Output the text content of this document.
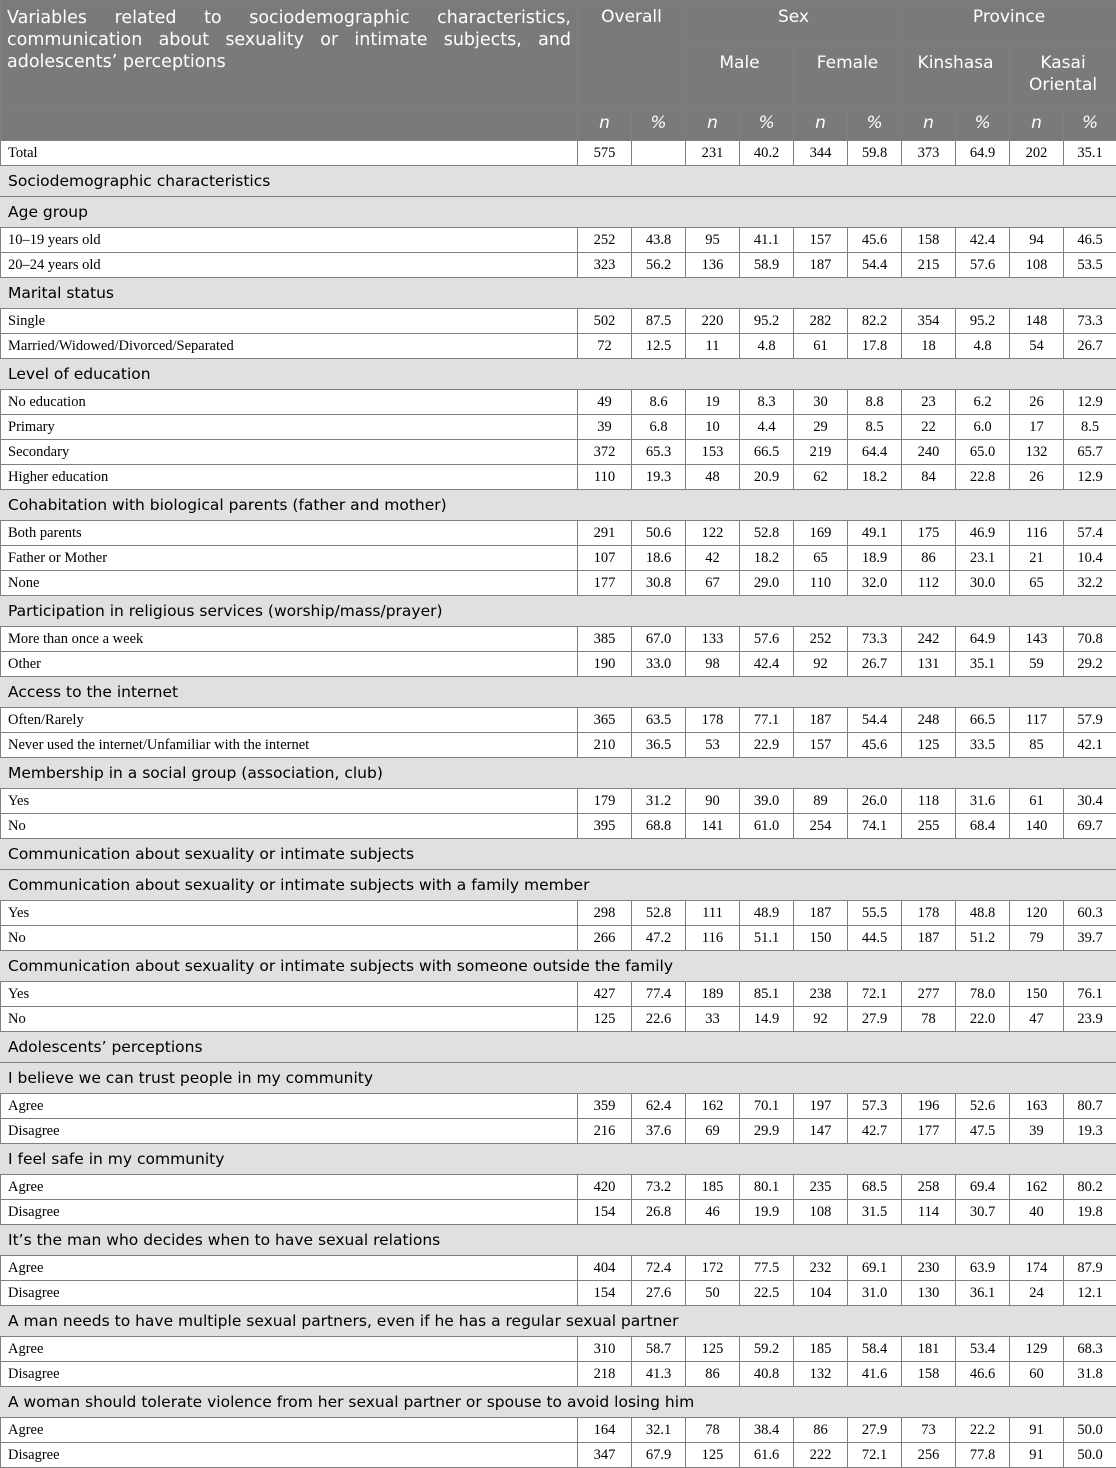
Variables related to sociodemographic characteristics, communication about sexuality or intimate subjects, and adolescents’ perceptions	Overall		Sex				Province			
			Male		Female		Kinshasa		Kasai Oriental	
	n	%	n	%	n	%	n	%	n	%
Total	575		231	40.2	344	59.8	373	64.9	202	35.1
Sociodemographic characteristics										
Age group										
10–19 years old	252	43.8	95	41.1	157	45.6	158	42.4	94	46.5
20–24 years old	323	56.2	136	58.9	187	54.4	215	57.6	108	53.5
Marital status										
Single	502	87.5	220	95.2	282	82.2	354	95.2	148	73.3
Married/Widowed/Divorced/Separated	72	12.5	11	4.8	61	17.8	18	4.8	54	26.7
Level of education										
No education	49	8.6	19	8.3	30	8.8	23	6.2	26	12.9
Primary	39	6.8	10	4.4	29	8.5	22	6.0	17	8.5
Secondary	372	65.3	153	66.5	219	64.4	240	65.0	132	65.7
Higher education	110	19.3	48	20.9	62	18.2	84	22.8	26	12.9
Cohabitation with biological parents (father and mother)										
Both parents	291	50.6	122	52.8	169	49.1	175	46.9	116	57.4
Father or Mother	107	18.6	42	18.2	65	18.9	86	23.1	21	10.4
None	177	30.8	67	29.0	110	32.0	112	30.0	65	32.2
Participation in religious services (worship/mass/prayer)										
More than once a week	385	67.0	133	57.6	252	73.3	242	64.9	143	70.8
Other	190	33.0	98	42.4	92	26.7	131	35.1	59	29.2
Access to the internet										
Often/Rarely	365	63.5	178	77.1	187	54.4	248	66.5	117	57.9
Never used the internet/Unfamiliar with the internet	210	36.5	53	22.9	157	45.6	125	33.5	85	42.1
Membership in a social group (association, club)										
Yes	179	31.2	90	39.0	89	26.0	118	31.6	61	30.4
No	395	68.8	141	61.0	254	74.1	255	68.4	140	69.7
Communication about sexuality or intimate subjects										
Communication about sexuality or intimate subjects with a family member										
Yes	298	52.8	111	48.9	187	55.5	178	48.8	120	60.3
No	266	47.2	116	51.1	150	44.5	187	51.2	79	39.7
Communication about sexuality or intimate subjects with someone outside the family										
Yes	427	77.4	189	85.1	238	72.1	277	78.0	150	76.1
No	125	22.6	33	14.9	92	27.9	78	22.0	47	23.9
Adolescents’ perceptions										
I believe we can trust people in my community										
Agree	359	62.4	162	70.1	197	57.3	196	52.6	163	80.7
Disagree	216	37.6	69	29.9	147	42.7	177	47.5	39	19.3
I feel safe in my community										
Agree	420	73.2	185	80.1	235	68.5	258	69.4	162	80.2
Disagree	154	26.8	46	19.9	108	31.5	114	30.7	40	19.8
It’s the man who decides when to have sexual relations										
Agree	404	72.4	172	77.5	232	69.1	230	63.9	174	87.9
Disagree	154	27.6	50	22.5	104	31.0	130	36.1	24	12.1
A man needs to have multiple sexual partners, even if he has a regular sexual partner										
Agree	310	58.7	125	59.2	185	58.4	181	53.4	129	68.3
Disagree	218	41.3	86	40.8	132	41.6	158	46.6	60	31.8
A woman should tolerate violence from her sexual partner or spouse to avoid losing him										
Agree	164	32.1	78	38.4	86	27.9	73	22.2	91	50.0
Disagree	347	67.9	125	61.6	222	72.1	256	77.8	91	50.0
